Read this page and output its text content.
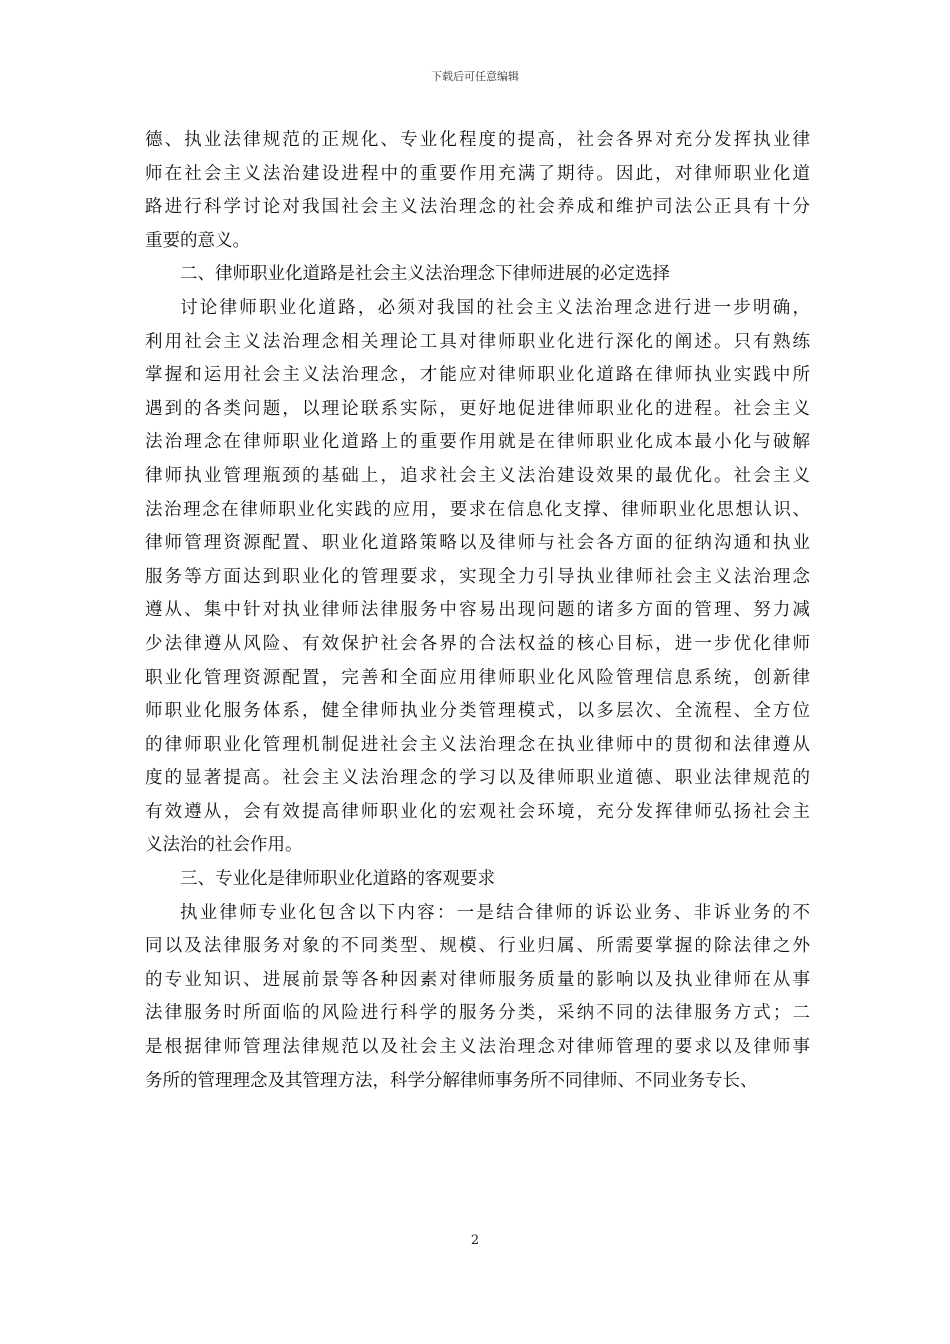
下载后可任意编辑
德、执业法律规范的正规化、专业化程度的提高，社会各界对充分发挥执业律
师在社会主义法治建设进程中的重要作用充满了期待。因此，对律师职业化道
路进行科学讨论对我国社会主义法治理念的社会养成和维护司法公正具有十分
重要的意义。
二、律师职业化道路是社会主义法治理念下律师进展的必定选择
讨论律师职业化道路，必须对我国的社会主义法治理念进行进一步明确，
利用社会主义法治理念相关理论工具对律师职业化进行深化的阐述。只有熟练
掌握和运用社会主义法治理念，才能应对律师职业化道路在律师执业实践中所
遇到的各类问题，以理论联系实际，更好地促进律师职业化的进程。社会主义
法治理念在律师职业化道路上的重要作用就是在律师职业化成本最小化与破解
律师执业管理瓶颈的基础上，追求社会主义法治建设效果的最优化。社会主义
法治理念在律师职业化实践的应用，要求在信息化支撑、律师职业化思想认识、
律师管理资源配置、职业化道路策略以及律师与社会各方面的征纳沟通和执业
服务等方面达到职业化的管理要求，实现全力引导执业律师社会主义法治理念
遵从、集中针对执业律师法律服务中容易出现问题的诸多方面的管理、努力减
少法律遵从风险、有效保护社会各界的合法权益的核心目标，进一步优化律师
职业化管理资源配置，完善和全面应用律师职业化风险管理信息系统，创新律
师职业化服务体系，健全律师执业分类管理模式，以多层次、全流程、全方位
的律师职业化管理机制促进社会主义法治理念在执业律师中的贯彻和法律遵从
度的显著提高。社会主义法治理念的学习以及律师职业道德、职业法律规范的
有效遵从，会有效提高律师职业化的宏观社会环境，充分发挥律师弘扬社会主
义法治的社会作用。
三、专业化是律师职业化道路的客观要求
执业律师专业化包含以下内容：一是结合律师的诉讼业务、非诉业务的不
同以及法律服务对象的不同类型、规模、行业归属、所需要掌握的除法律之外
的专业知识、进展前景等各种因素对律师服务质量的影响以及执业律师在从事
法律服务时所面临的风险进行科学的服务分类，采纳不同的法律服务方式；二
是根据律师管理法律规范以及社会主义法治理念对律师管理的要求以及律师事
务所的管理理念及其管理方法，科学分解律师事务所不同律师、不同业务专长、
2
